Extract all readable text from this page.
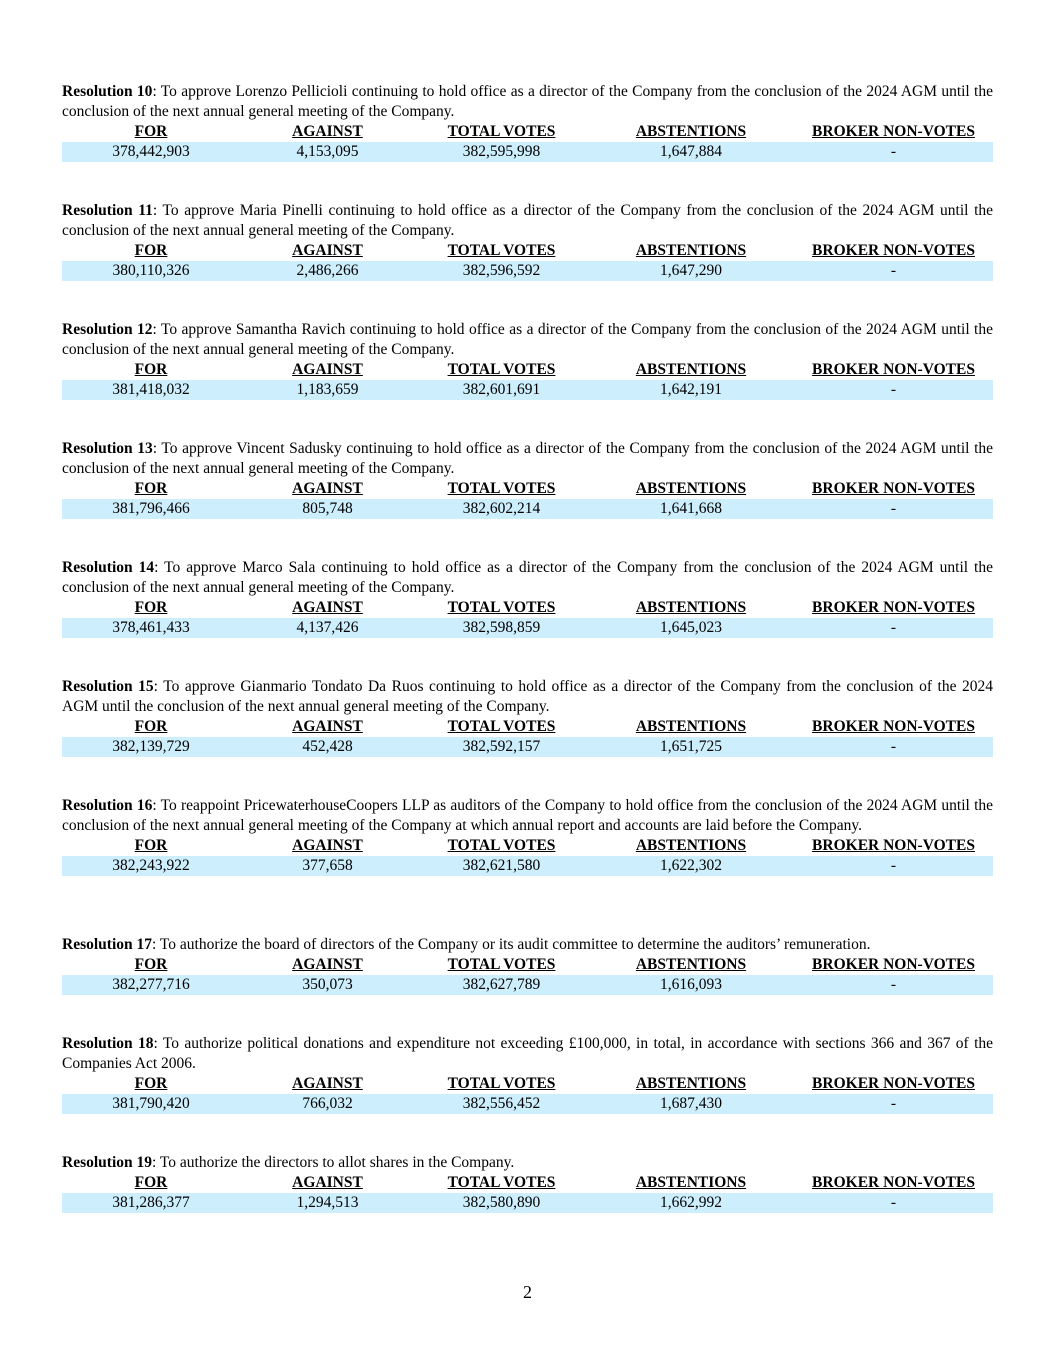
Resolution 10: To approve Lorenzo Pellicioli continuing to hold office as a director of the Company from the conclusion of the 2024 AGM until the conclusion of the next annual general meeting of the Company.

FOR	AGAINST	TOTAL VOTES	ABSTENTIONS	BROKER NON-VOTES
378,442,903	4,153,095	382,595,998	1,647,884	-

Resolution 11: To approve Maria Pinelli continuing to hold office as a director of the Company from the conclusion of the 2024 AGM until the conclusion of the next annual general meeting of the Company.

FOR	AGAINST	TOTAL VOTES	ABSTENTIONS	BROKER NON-VOTES
380,110,326	2,486,266	382,596,592	1,647,290	-

Resolution 12: To approve Samantha Ravich continuing to hold office as a director of the Company from the conclusion of the 2024 AGM until the conclusion of the next annual general meeting of the Company.

FOR	AGAINST	TOTAL VOTES	ABSTENTIONS	BROKER NON-VOTES
381,418,032	1,183,659	382,601,691	1,642,191	-

Resolution 13: To approve Vincent Sadusky continuing to hold office as a director of the Company from the conclusion of the 2024 AGM until the conclusion of the next annual general meeting of the Company.

FOR	AGAINST	TOTAL VOTES	ABSTENTIONS	BROKER NON-VOTES
381,796,466	805,748	382,602,214	1,641,668	-

Resolution 14: To approve Marco Sala continuing to hold office as a director of the Company from the conclusion of the 2024 AGM until the conclusion of the next annual general meeting of the Company.

FOR	AGAINST	TOTAL VOTES	ABSTENTIONS	BROKER NON-VOTES
378,461,433	4,137,426	382,598,859	1,645,023	-

Resolution 15: To approve Gianmario Tondato Da Ruos continuing to hold office as a director of the Company from the conclusion of the 2024 AGM until the conclusion of the next annual general meeting of the Company.

FOR	AGAINST	TOTAL VOTES	ABSTENTIONS	BROKER NON-VOTES
382,139,729	452,428	382,592,157	1,651,725	-

Resolution 16: To reappoint PricewaterhouseCoopers LLP as auditors of the Company to hold office from the conclusion of the 2024 AGM until the conclusion of the next annual general meeting of the Company at which annual report and accounts are laid before the Company.

FOR	AGAINST	TOTAL VOTES	ABSTENTIONS	BROKER NON-VOTES
382,243,922	377,658	382,621,580	1,622,302	-

Resolution 17: To authorize the board of directors of the Company or its audit committee to determine the auditors’ remuneration.

FOR	AGAINST	TOTAL VOTES	ABSTENTIONS	BROKER NON-VOTES
382,277,716	350,073	382,627,789	1,616,093	-

Resolution 18: To authorize political donations and expenditure not exceeding £100,000, in total, in accordance with sections 366 and 367 of the Companies Act 2006.

FOR	AGAINST	TOTAL VOTES	ABSTENTIONS	BROKER NON-VOTES
381,790,420	766,032	382,556,452	1,687,430	-

Resolution 19: To authorize the directors to allot shares in the Company.

FOR	AGAINST	TOTAL VOTES	ABSTENTIONS	BROKER NON-VOTES
381,286,377	1,294,513	382,580,890	1,662,992	-
2
